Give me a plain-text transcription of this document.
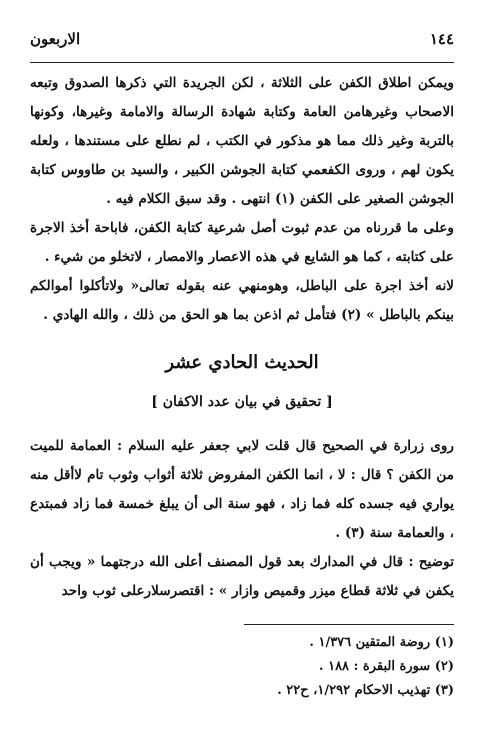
١٤٤
الاربعون

ويمكن اطلاق الكفن على الثلاثة ، لكن الجريدة التي ذكرها الصدوق وتبعه الاصحاب وغيرهامن العامة وكتابة شهادة الرسالة والامامة وغيرها، وكونها بالتربة وغير ذلك مما هو مذكور في الكتب ، لم نطلع على مستندها ، ولعله يكون لهم ، وروى الكفعمي كتابة الجوشن الكبير ، والسيد بن طاووس كتابة الجوشن الصغير على الكفن (١) انتهى . وقد سبق الكلام فيه .

وعلى ما قررناه من عدم ثبوت أصل شرعية كتابة الكفن، فاباحة أخذ الاجرة على كتابته ، كما هو الشايع في هذه الاعصار والامصار ، لاتخلو من شيء .

لانه أخذ اجرة على الباطل، وهومنهي عنه بقوله تعالى« ولاتأكلوا أموالكم بينكم بالباطل » (٢) فتأمل ثم اذعن بما هو الحق من ذلك ، والله الهادي .

الحديث الحادي عشر
[ تحقيق في بيان عدد الاكفان ]

روى زرارة في الصحيح قال قلت لابي جعفر عليه السلام : العمامة للميت من الكفن ؟ قال : لا ، انما الكفن المفروض ثلاثة أثواب وثوب تام لاأقل منه يواري فيه جسده كله فما زاد ، فهو سنة الى أن يبلغ خمسة فما زاد فمبتدع ، والعمامة سنة (٣) .

توضيح : قال في المدارك بعد قول المصنف أعلى الله درجتهما « ويجب أن يكفن في ثلاثة قطاع ميزر وقميص وازار » : اقتصرسلارعلى ثوب واحد

(١) روضة المتقين ١/٣٧٦ .
(٢) سورة البقرة : ١٨٨ .
(٣) تهذيب الاحكام ١/٢٩٢، ح٢٢ .
